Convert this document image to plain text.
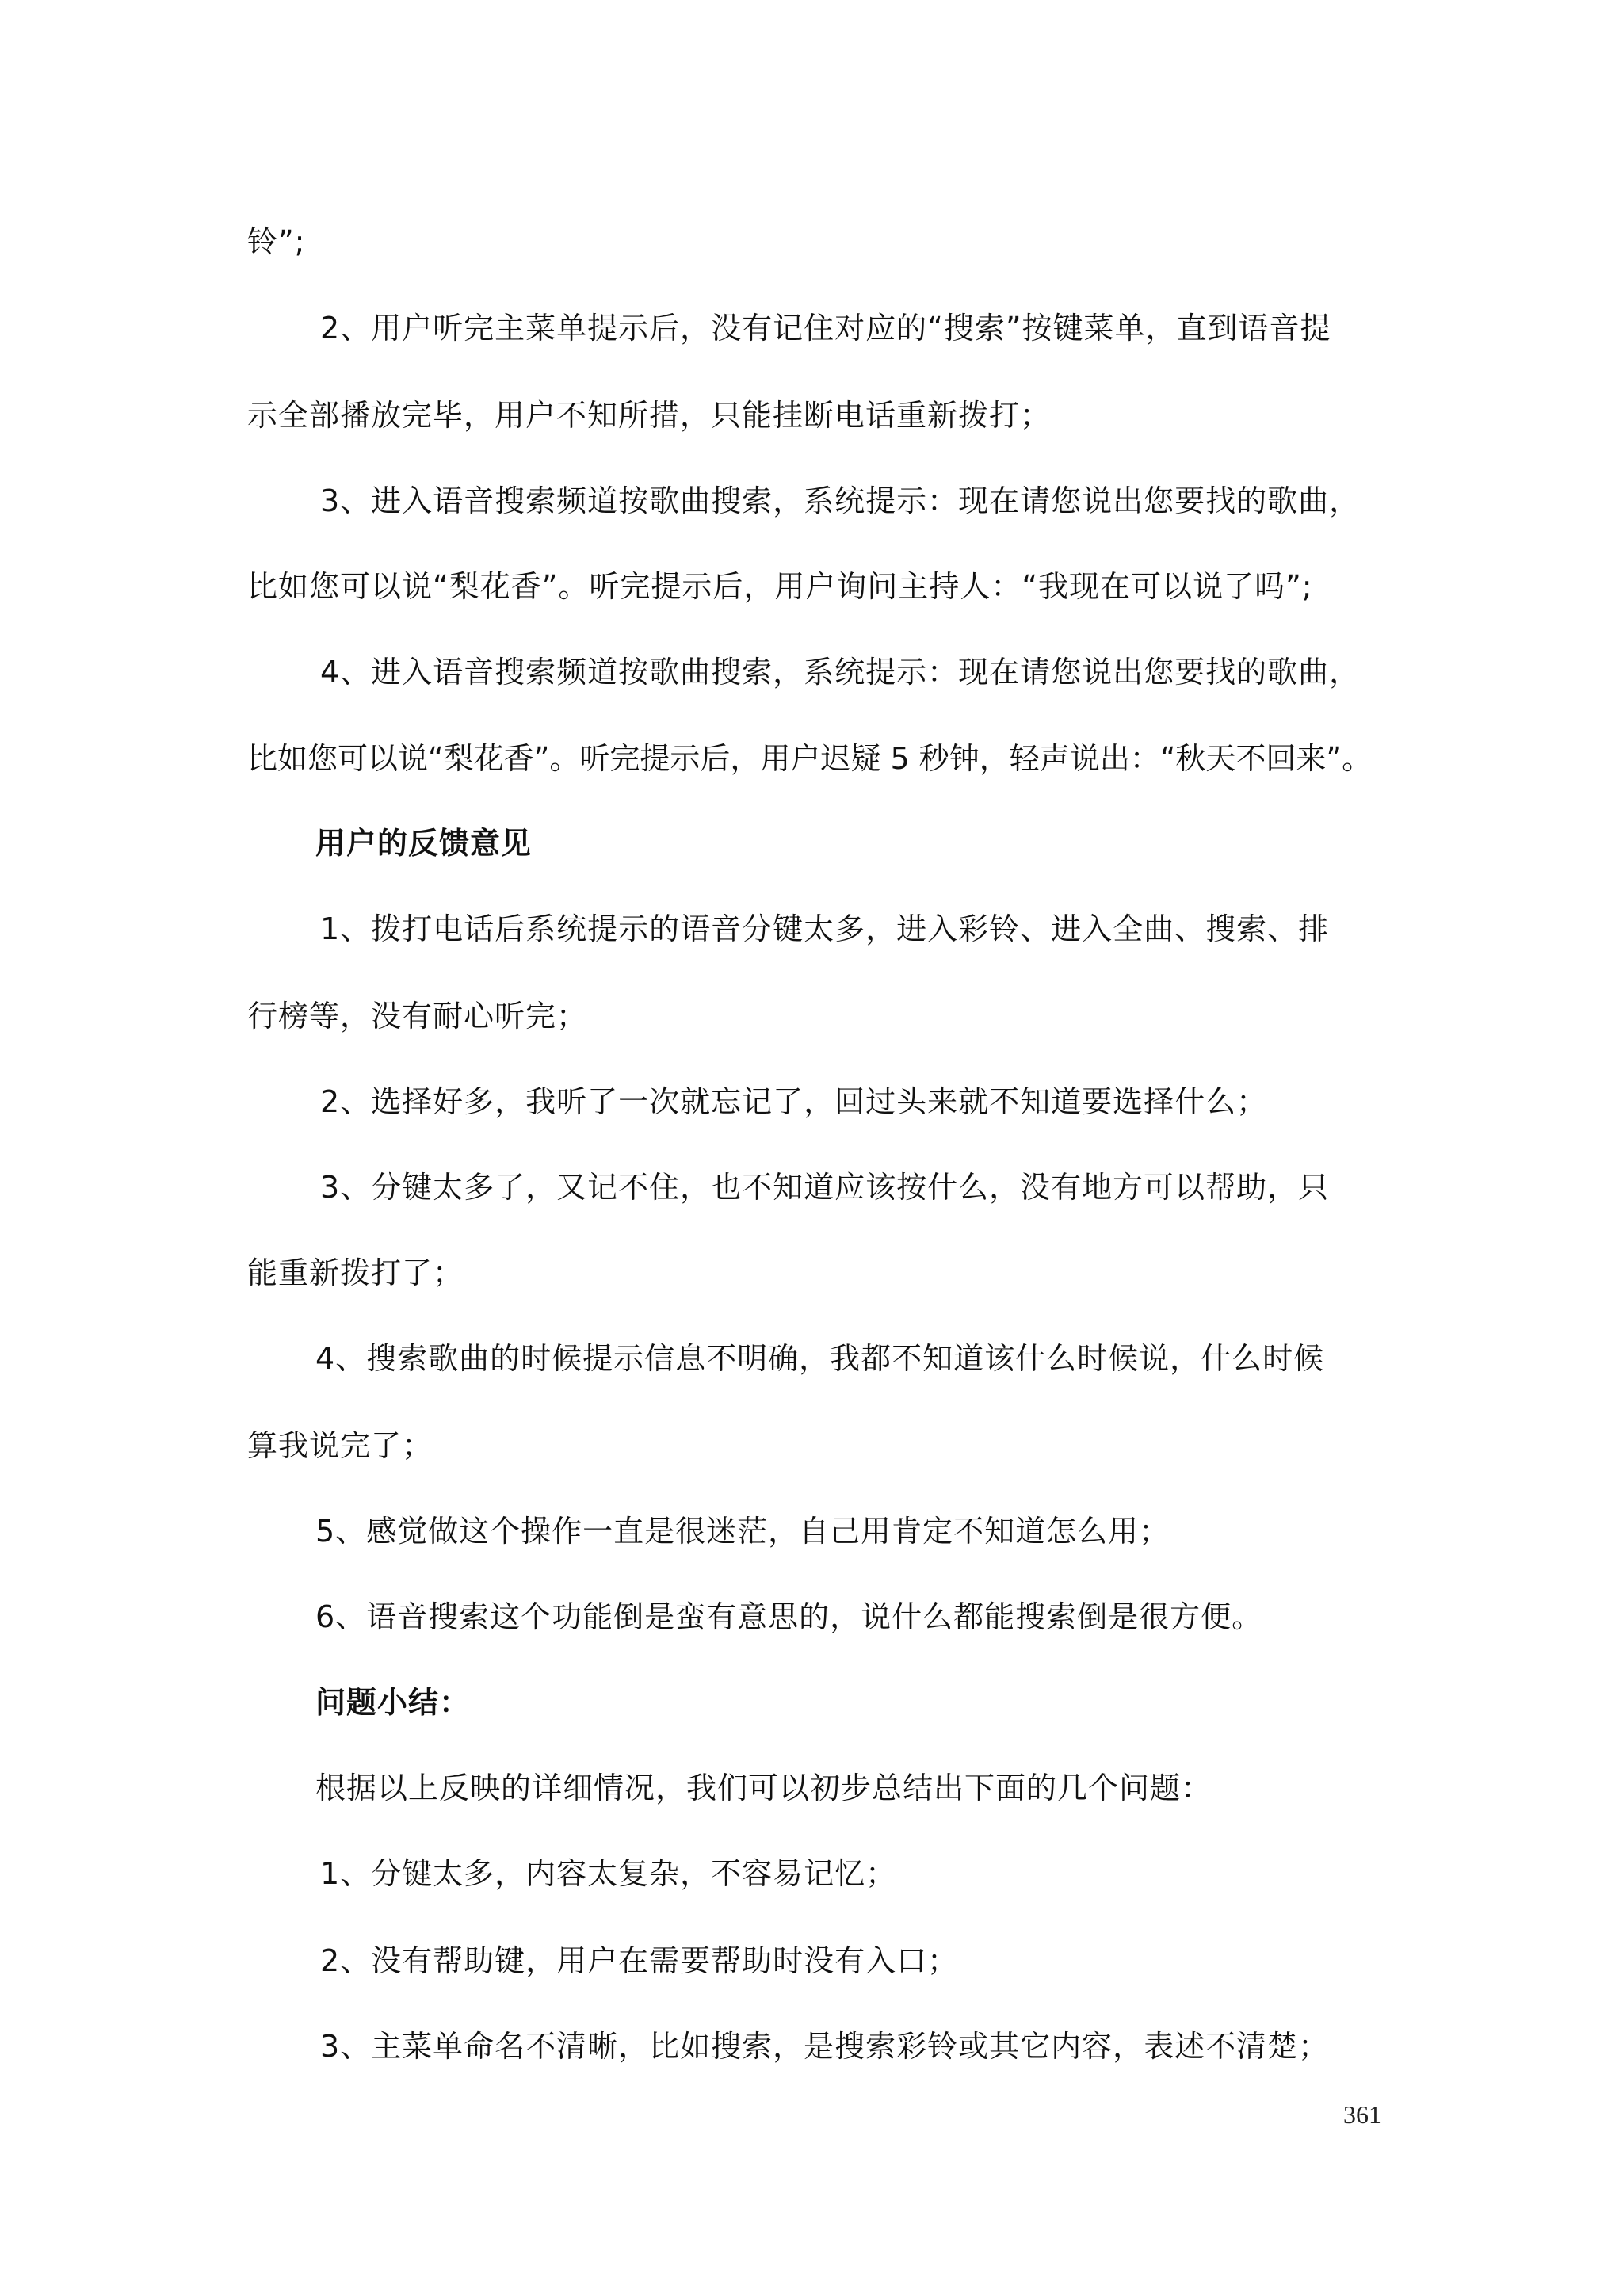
铃”;
2、用户听完主菜单提示后，没有记住对应的“搜索”按键菜单，直到语音提
示全部播放完毕，用户不知所措，只能挂断电话重新拨打；
3、进入语音搜索频道按歌曲搜索，系统提示：现在请您说出您要找的歌曲，
比如您可以说“梨花香”。听完提示后，用户询问主持人：“我现在可以说了吗”;
4、进入语音搜索频道按歌曲搜索，系统提示：现在请您说出您要找的歌曲，
比如您可以说“梨花香”。听完提示后，用户迟疑 5 秒钟，轻声说出：“秋天不回来”。
用户的反馈意见
1、拨打电话后系统提示的语音分键太多，进入彩铃、进入全曲、搜索、排
行榜等，没有耐心听完；
2、选择好多，我听了一次就忘记了，回过头来就不知道要选择什么；
3、分键太多了，又记不住，也不知道应该按什么，没有地方可以帮助，只
能重新拨打了；
4、搜索歌曲的时候提示信息不明确，我都不知道该什么时候说，什么时候
算我说完了；
5、感觉做这个操作一直是很迷茫，自己用肯定不知道怎么用；
6、语音搜索这个功能倒是蛮有意思的，说什么都能搜索倒是很方便。
问题小结：
根据以上反映的详细情况，我们可以初步总结出下面的几个问题：
1、分键太多，内容太复杂，不容易记忆；
2、没有帮助键，用户在需要帮助时没有入口；
3、主菜单命名不清晰，比如搜索，是搜索彩铃或其它内容，表述不清楚；
361
